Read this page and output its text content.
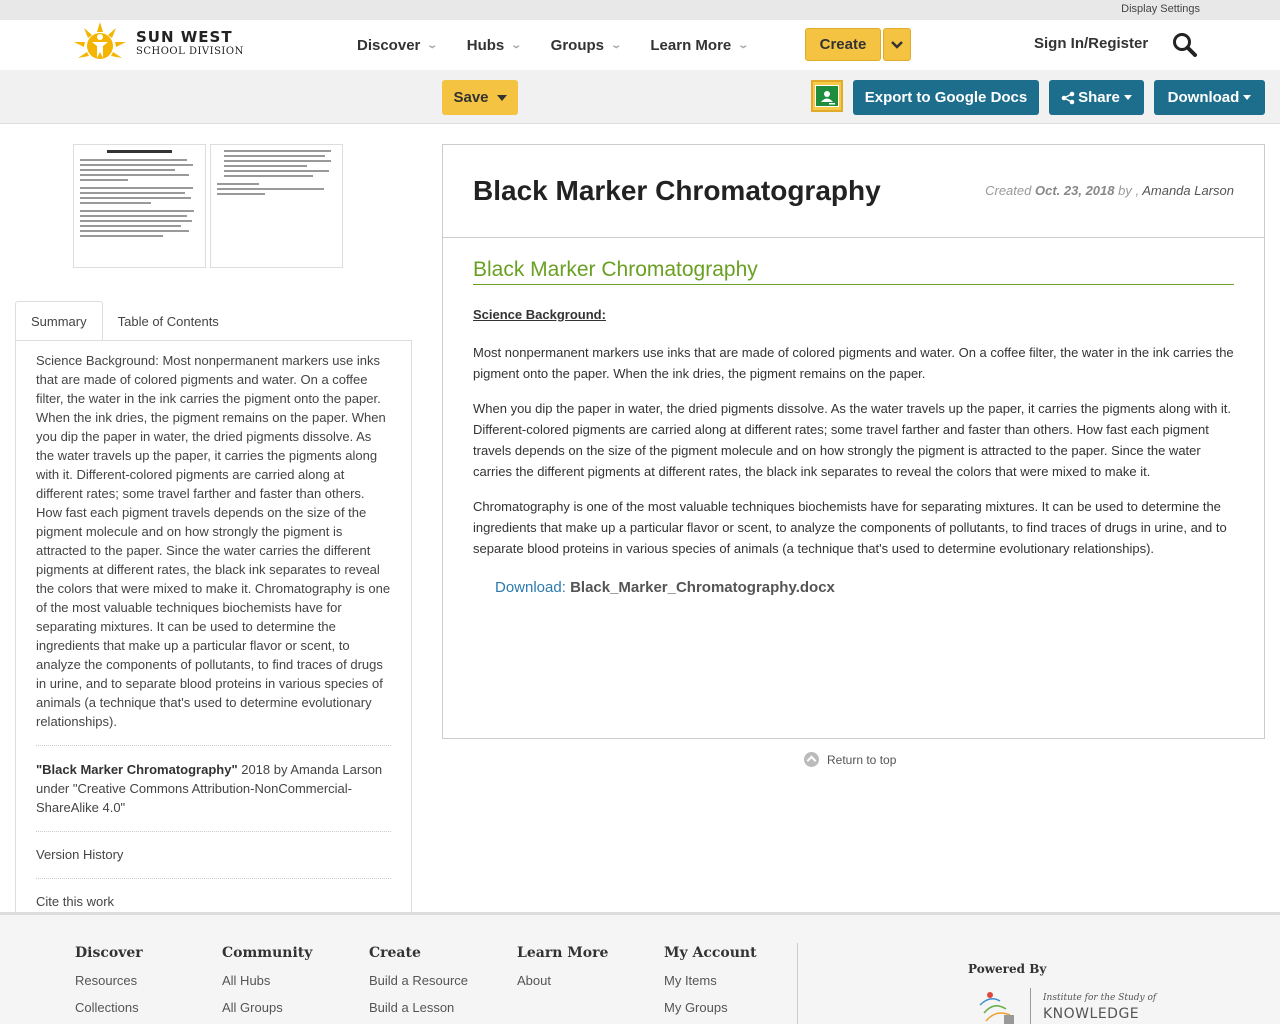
Display Settings
SUN WEST
SCHOOL DIVISION	Discover ⌄ Hubs ⌄ Groups ⌄ Learn More ⌄	Create	Sign In/Register
Save	Export to Google Docs	Share	Download
Summary	Table of Contents
Science Background: Most nonpermanent markers use inks that are made of colored pigments and water. On a coffee filter, the water in the ink carries the pigment onto the paper. When the ink dries, the pigment remains on the paper. When you dip the paper in water, the dried pigments dissolve. As the water travels up the paper, it carries the pigments along with it. Different-colored pigments are carried along at different rates; some travel farther and faster than others. How fast each pigment travels depends on the size of the pigment molecule and on how strongly the pigment is attracted to the paper. Since the water carries the different pigments at different rates, the black ink separates to reveal the colors that were mixed to make it. Chromatography is one of the most valuable techniques biochemists have for separating mixtures. It can be used to determine the ingredients that make up a particular flavor or scent, to analyze the components of pollutants, to find traces of drugs in urine, and to separate blood proteins in various species of animals (a technique that's used to determine evolutionary relationships).
"Black Marker Chromatography" 2018 by Amanda Larson under "Creative Commons Attribution-NonCommercial-ShareAlike 4.0"
Version History
Cite this work
Black Marker Chromatography	Created Oct. 23, 2018 by , Amanda Larson
Black Marker Chromatography
Science Background:

Most nonpermanent markers use inks that are made of colored pigments and water. On a coffee filter, the water in the ink carries the pigment onto the paper. When the ink dries, the pigment remains on the paper.

When you dip the paper in water, the dried pigments dissolve. As the water travels up the paper, it carries the pigments along with it. Different-colored pigments are carried along at different rates; some travel farther and faster than others. How fast each pigment travels depends on the size of the pigment molecule and on how strongly the pigment is attracted to the paper. Since the water carries the different pigments at different rates, the black ink separates to reveal the colors that were mixed to make it.

Chromatography is one of the most valuable techniques biochemists have for separating mixtures. It can be used to determine the ingredients that make up a particular flavor or scent, to analyze the components of pollutants, to find traces of drugs in urine, and to separate blood proteins in various species of animals (a technique that's used to determine evolutionary relationships).

Download: Black_Marker_Chromatography.docx
Return to top
Discover
Resources
Collections
Community
All Hubs
All Groups
Create
Build a Resource
Build a Lesson
Learn More
About
My Account
My Items
My Groups
Powered By
Institute for the Study of
KNOWLEDGE
